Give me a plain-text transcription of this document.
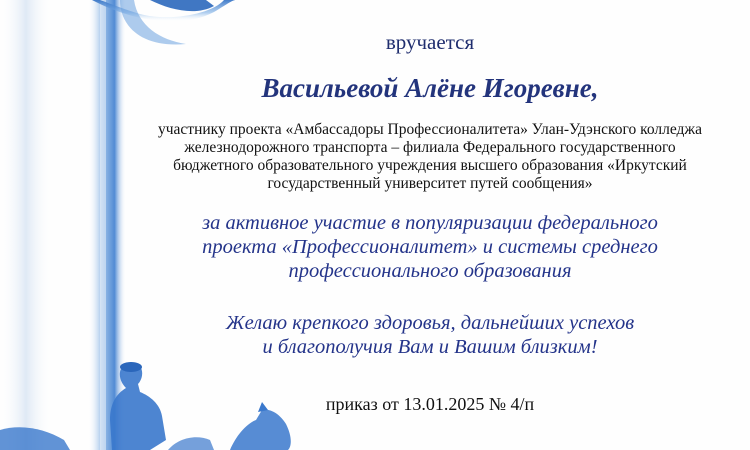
вручается
Васильевой Алёне Игоревне,
участнику проекта «Амбассадоры Профессионалитета» Улан-Удэнского колледжа
железнодорожного транспорта – филиала Федерального государственного
бюджетного образовательного учреждения высшего образования «Иркутский
государственный университет путей сообщения»
за активное участие в популяризации федерального
проекта «Профессионалитет» и системы среднего
профессионального образования
Желаю крепкого здоровья, дальнейших успехов
и благополучия Вам и Вашим близким!
приказ от 13.01.2025 № 4/п
